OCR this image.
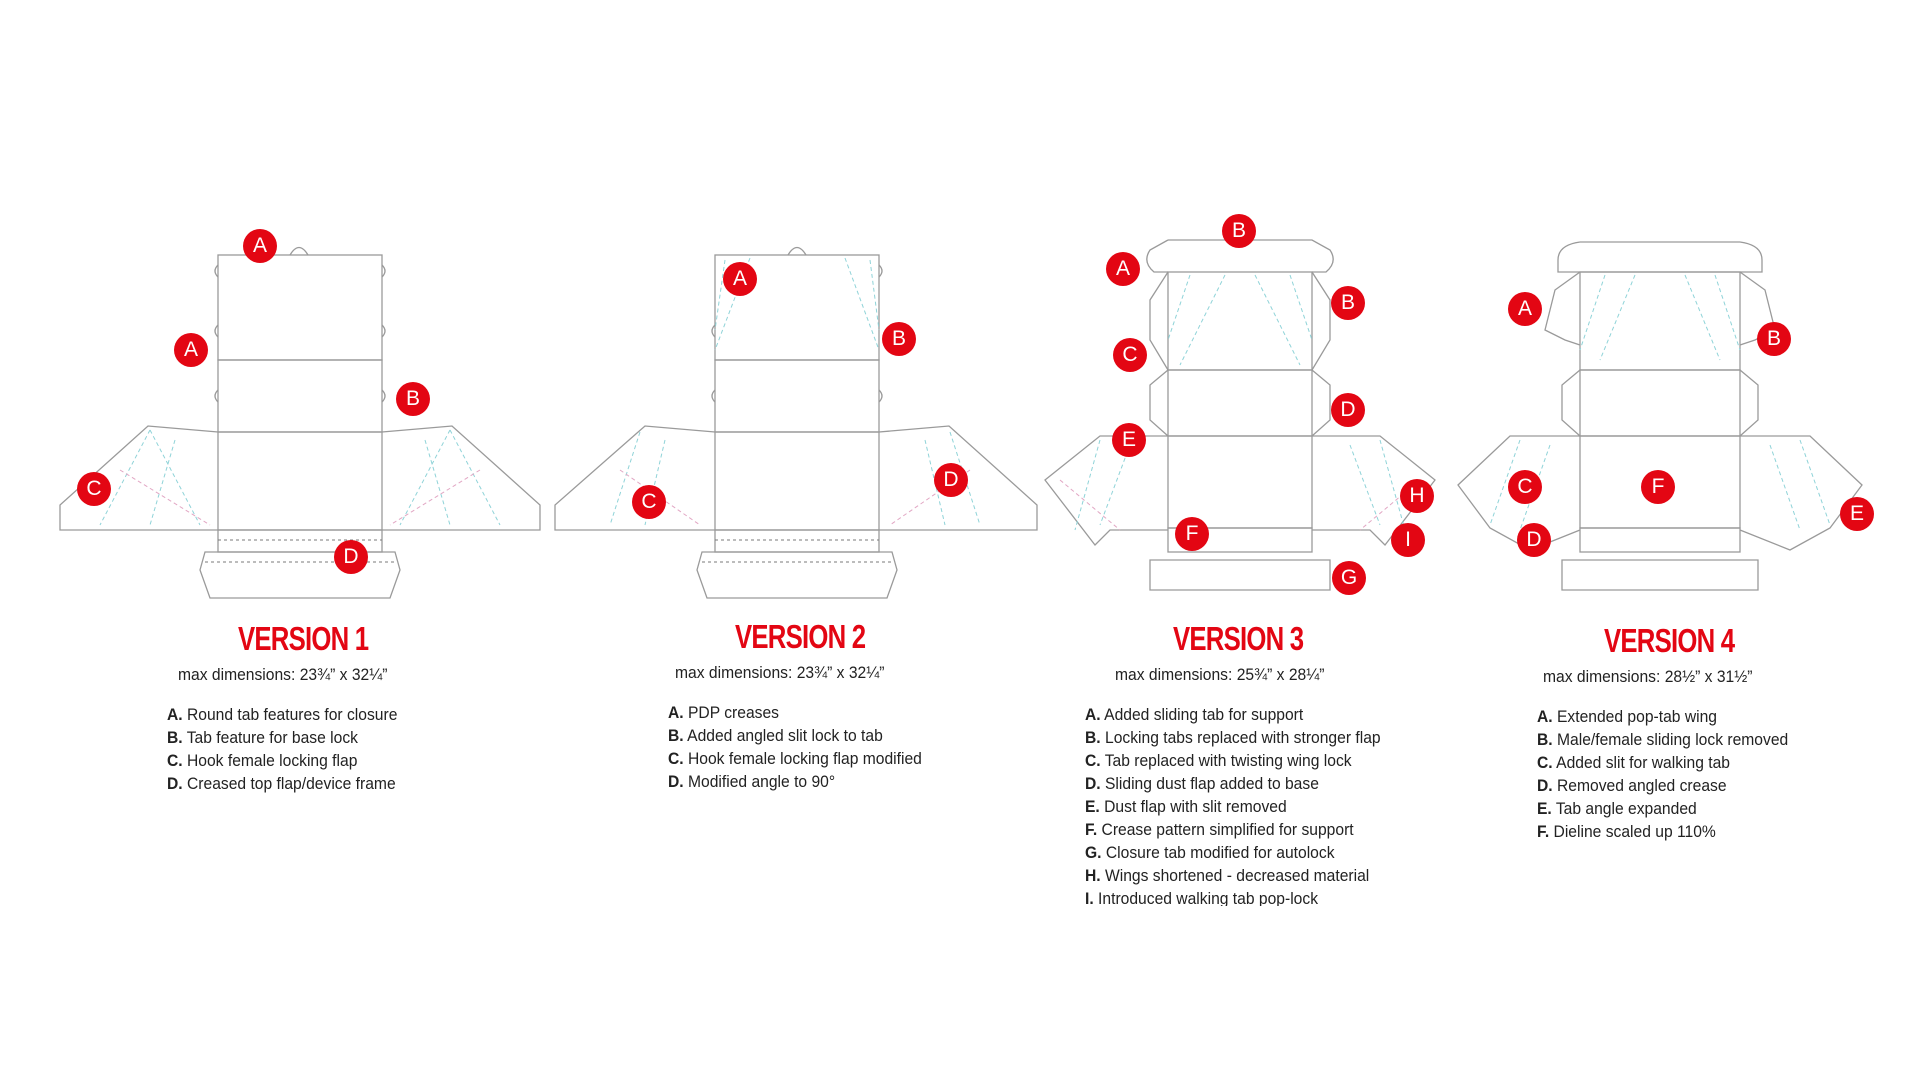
A
A
B
C
D
VERSION 1
max dimensions: 23¾” x 32¼”
A. Round tab features for closure
B. Tab feature for base lock
C. Hook female locking flap
D. Creased top flap/device frame
A
B
C
D
VERSION 2
max dimensions: 23¾” x 32¼”
A. PDP creases
B. Added angled slit lock to tab
C. Hook female locking flap modified
D. Modified angle to 90°
B
A
B
C
D
E
H
F	I
G
VERSION 3
max dimensions: 25¾” x 28¼”
A. Added sliding tab for support
B. Locking tabs replaced with stronger flap
C. Tab replaced with twisting wing lock
D. Sliding dust flap added to base
E. Dust flap with slit removed
F. Crease pattern simplified for support
G. Closure tab modified for autolock
H. Wings shortened - decreased material
I. Introduced walking tab pop-lock
A
B
C	F
E
D
VERSION 4
max dimensions: 28½” x 31½”
A. Extended pop-tab wing
B. Male/female sliding lock removed
C. Added slit for walking tab
D. Removed angled crease
E. Tab angle expanded
F. Dieline scaled up 110%
